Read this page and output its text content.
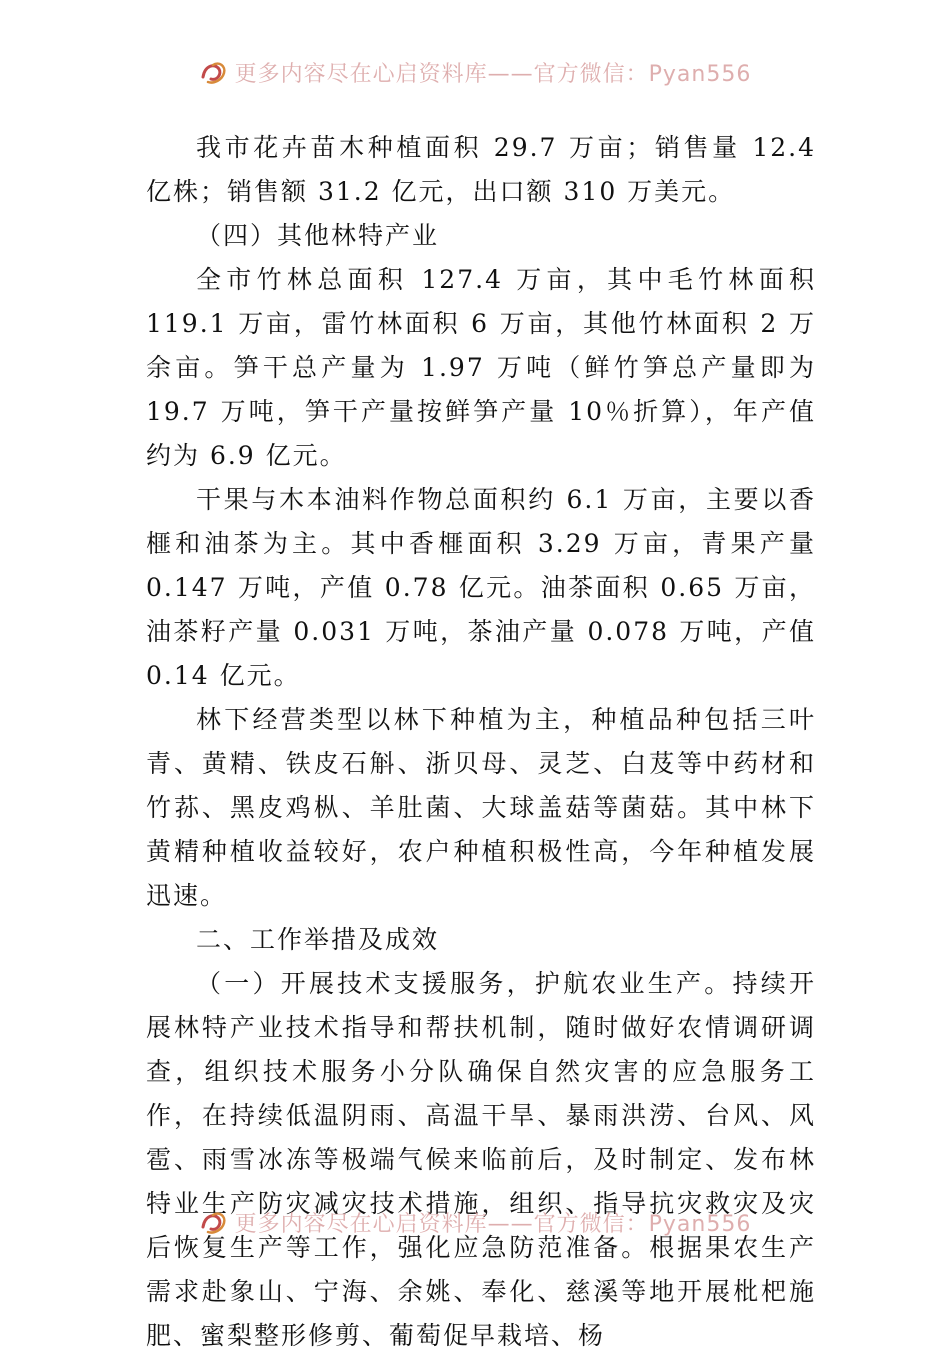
更多内容尽在心启资料库——官方微信：Pyan556

我市花卉苗木种植面积 29.7 万亩；销售量 12.4 亿株；销售额 31.2 亿元，出口额 310 万美元。

（四）其他林特产业

全市竹林总面积 127.4 万亩，其中毛竹林面积 119.1 万亩，雷竹林面积 6 万亩，其他竹林面积 2 万余亩。笋干总产量为 1.97 万吨（鲜竹笋总产量即为 19.7 万吨，笋干产量按鲜笋产量 10％折算），年产值约为 6.9 亿元。

干果与木本油料作物总面积约 6.1 万亩，主要以香榧和油茶为主。其中香榧面积 3.29 万亩，青果产量 0.147 万吨，产值 0.78 亿元。油茶面积 0.65 万亩，油茶籽产量 0.031 万吨，茶油产量 0.078 万吨，产值 0.14 亿元。

林下经营类型以林下种植为主，种植品种包括三叶青、黄精、铁皮石斛、浙贝母、灵芝、白芨等中药材和竹荪、黑皮鸡枞、羊肚菌、大球盖菇等菌菇。其中林下黄精种植收益较好，农户种植积极性高，今年种植发展迅速。

二、工作举措及成效

（一）开展技术支援服务，护航农业生产。持续开展林特产业技术指导和帮扶机制，随时做好农情调研调查，组织技术服务小分队确保自然灾害的应急服务工作，在持续低温阴雨、高温干旱、暴雨洪涝、台风、风雹、雨雪冰冻等极端气候来临前后，及时制定、发布林特业生产防灾减灾技术措施，组织、指导抗灾救灾及灾后恢复生产等工作，强化应急防范准备。根据果农生产需求赴象山、宁海、余姚、奉化、慈溪等地开展枇杷施肥、蜜梨整形修剪、葡萄促早栽培、杨

更多内容尽在心启资料库——官方微信：Pyan556
